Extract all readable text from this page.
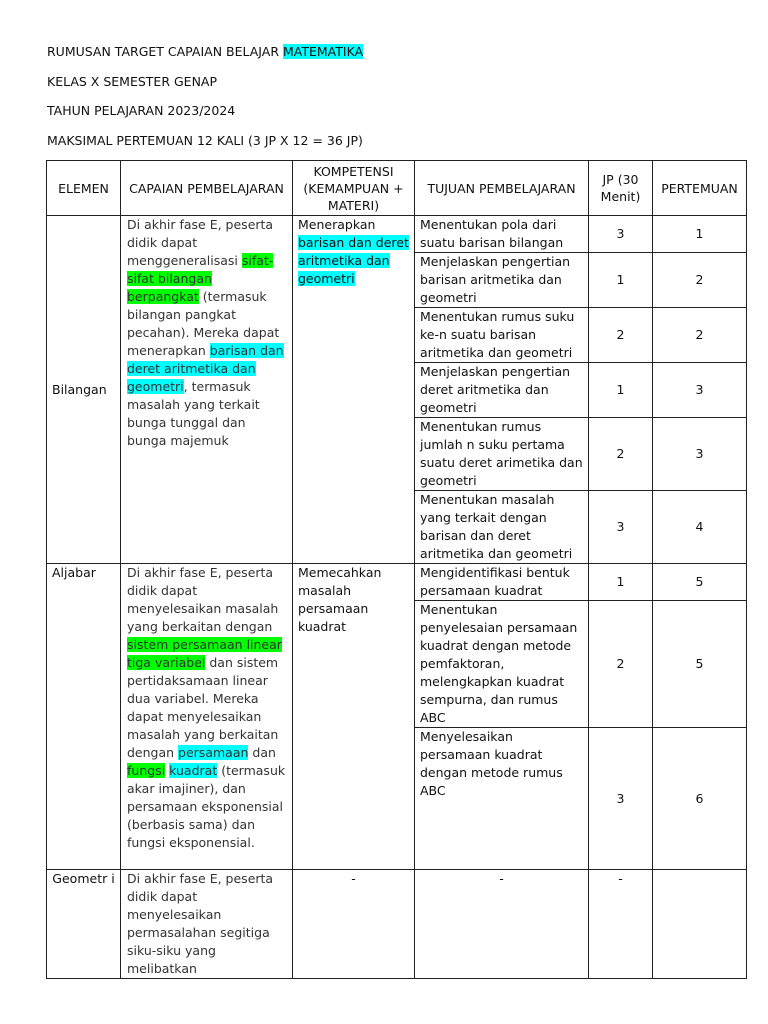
RUMUSAN TARGET CAPAIAN BELAJAR MATEMATIKA
KELAS X SEMESTER GENAP
TAHUN PELAJARAN 2023/2024
MAKSIMAL PERTEMUAN 12 KALI (3 JP X 12 = 36 JP)
ELEMEN	CAPAIAN PEMBELAJARAN	KOMPETENSI (KEMAMPUAN + MATERI)	TUJUAN PEMBELAJARAN	JP (30 Menit)	PERTEMUAN
Bilangan	Di akhir fase E, peserta didik dapat menggeneralisasi sifat-sifat bilangan berpangkat (termasuk bilangan pangkat pecahan). Mereka dapat menerapkan barisan dan deret aritmetika dan geometri, termasuk masalah yang terkait bunga tunggal dan bunga majemuk	Menerapkan barisan dan deret aritmetika dan geometri	Menentukan pola dari suatu barisan bilangan	3	1
			Menjelaskan pengertian barisan aritmetika dan geometri	1	2
			Menentukan rumus suku ke-n suatu barisan aritmetika dan geometri	2	2
			Menjelaskan pengertian deret aritmetika dan geometri	1	3
			Menentukan rumus jumlah n suku pertama suatu deret arimetika dan geometri	2	3
			Menentukan masalah yang terkait dengan barisan dan deret aritmetika dan geometri	3	4
Aljabar	Di akhir fase E, peserta didik dapat menyelesaikan masalah yang berkaitan dengan sistem persamaan linear tiga variabel dan sistem pertidaksamaan linear dua variabel. Mereka dapat menyelesaikan masalah yang berkaitan dengan persamaan dan fungsi kuadrat (termasuk akar imajiner), dan persamaan eksponensial (berbasis sama) dan fungsi eksponensial.	Memecahkan masalah persamaan kuadrat	Mengidentifikasi bentuk persamaan kuadrat	1	5
			Menentukan penyelesaian persamaan kuadrat dengan metode pemfaktoran, melengkapkan kuadrat sempurna, dan rumus ABC	2	5
			Menyelesaikan persamaan kuadrat dengan metode rumus ABC	3	6
Geometr i	Di akhir fase E, peserta didik dapat menyelesaikan permasalahan segitiga siku-siku yang melibatkan	-	-	-	
